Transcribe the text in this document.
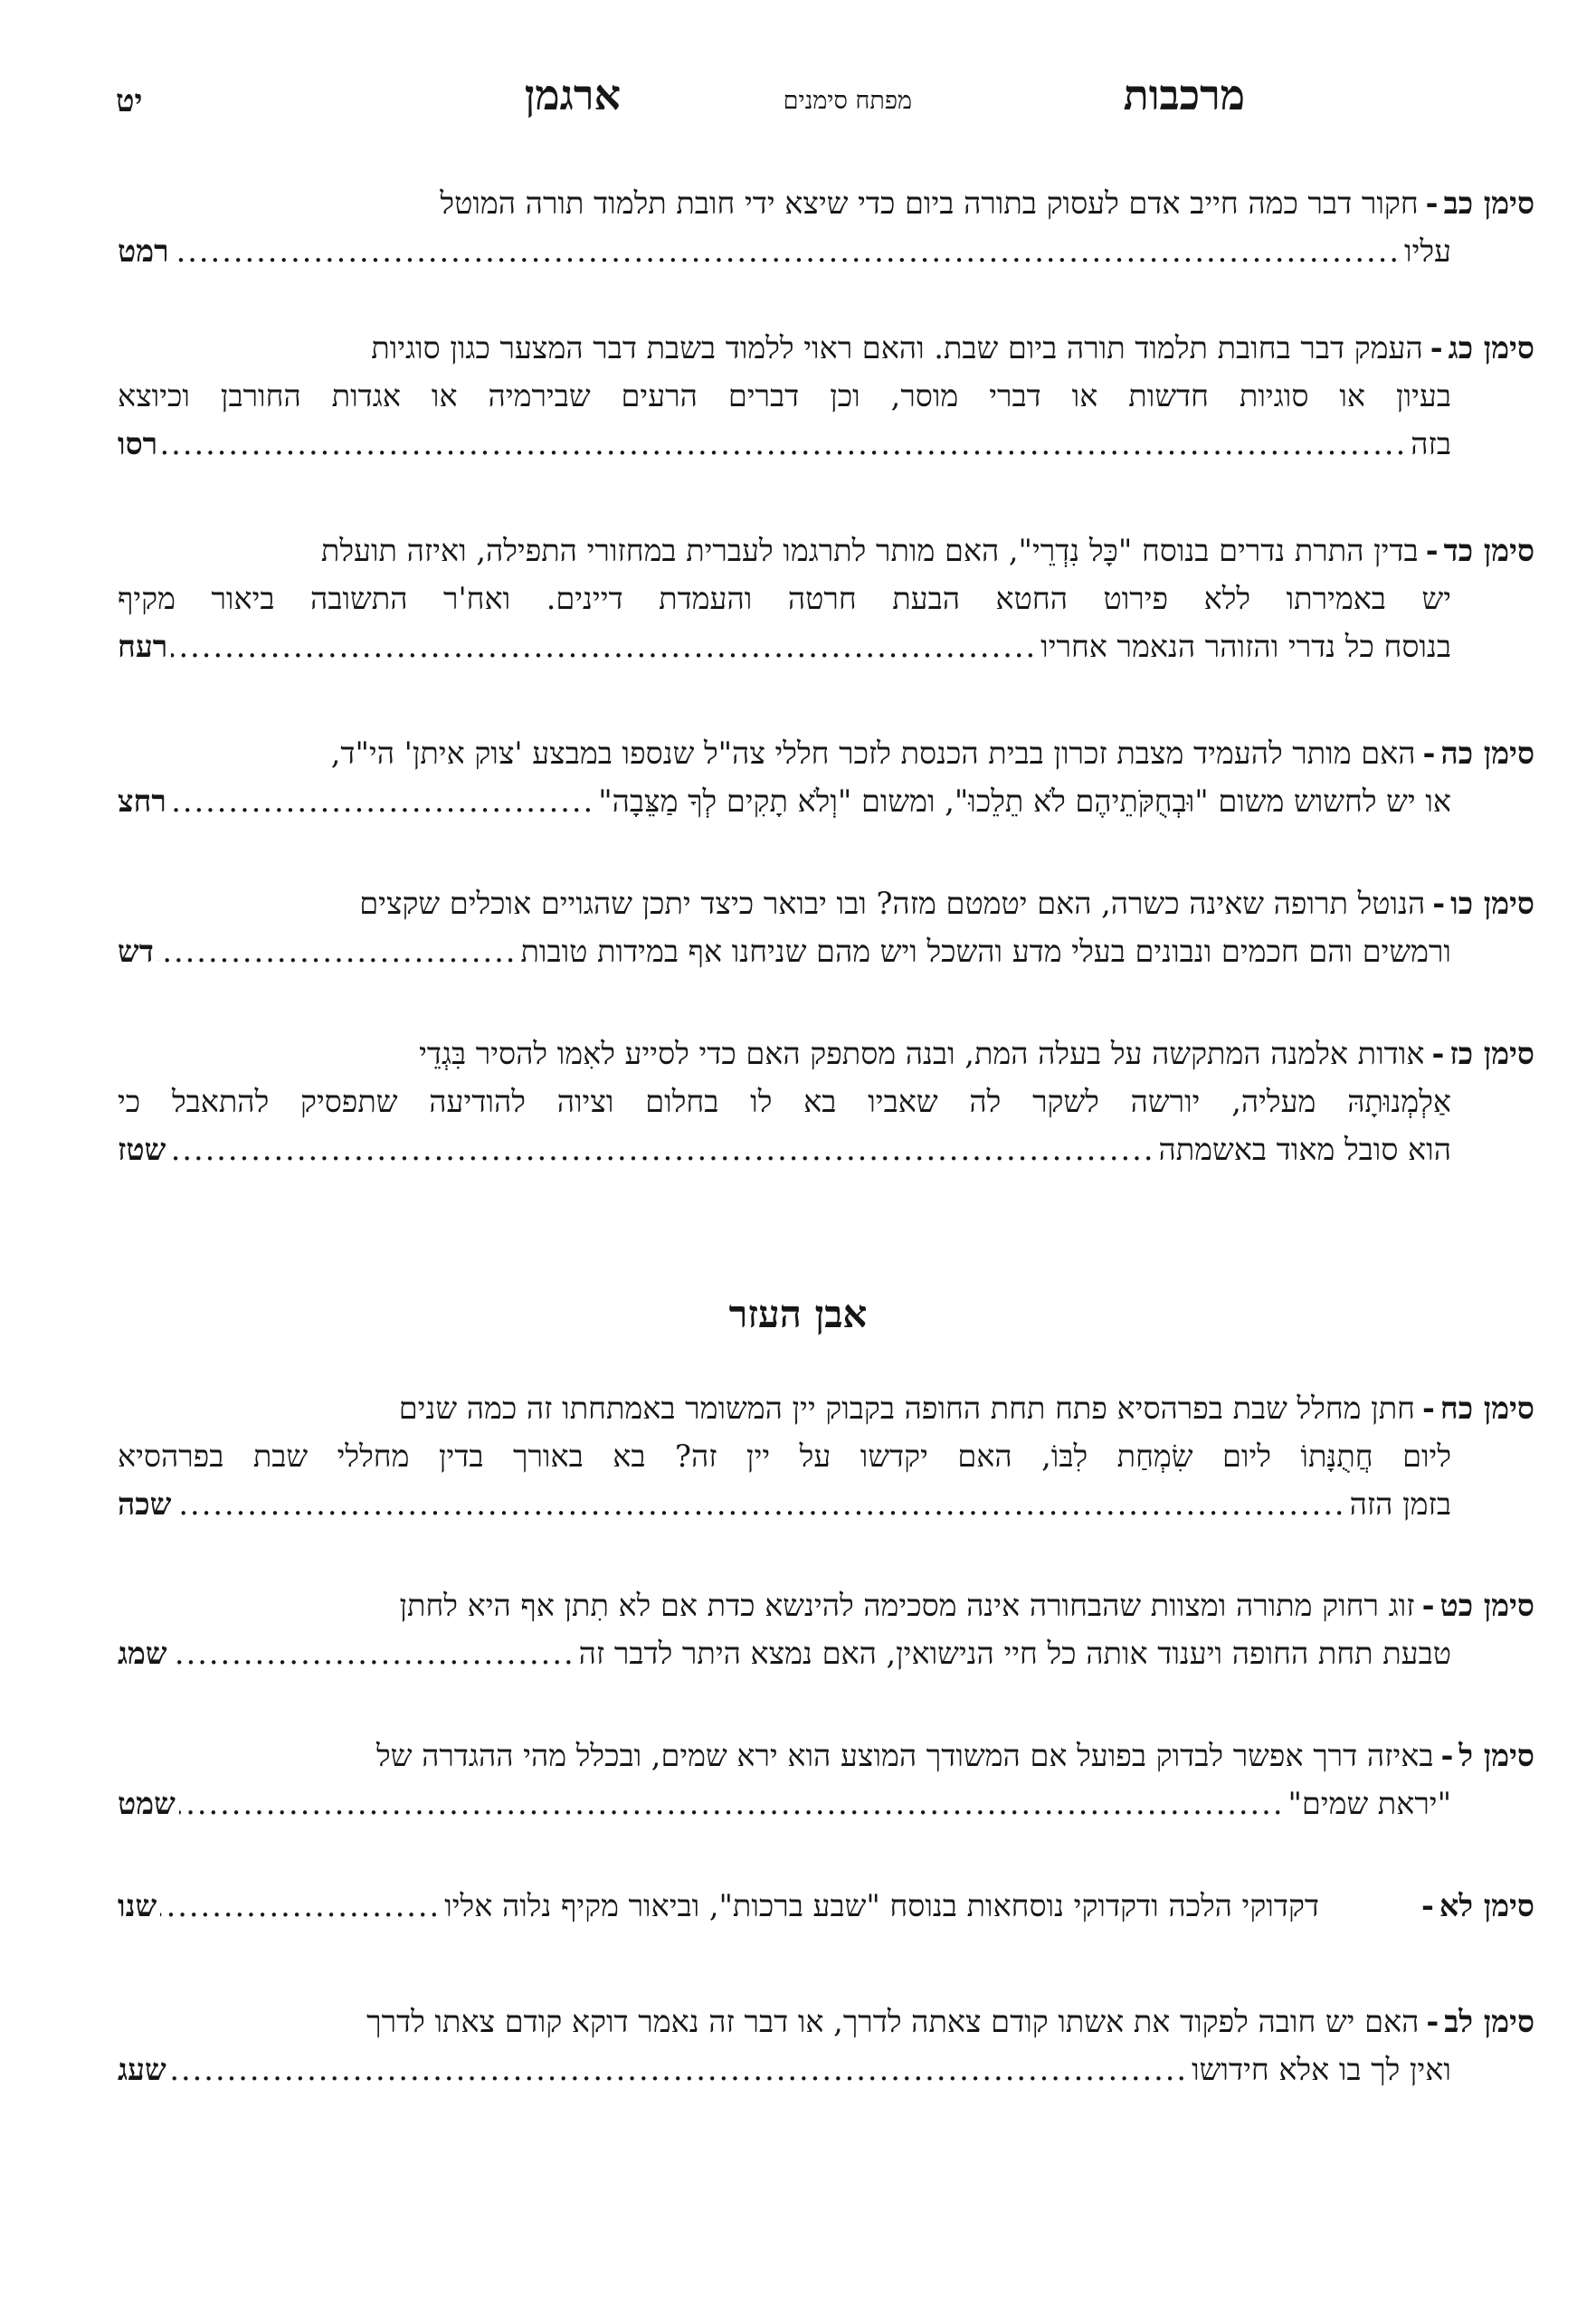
מרכבות
מפתח סימנים
ארגמן
יט
סימן כב-חקור דבר כמה חייב אדם לעסוק בתורה ביום כדי שיצא ידי חובת תלמוד תורה המוטל
עליו
.....
רמט
סימן כג-העמק דבר בחובת תלמוד תורה ביום שבת. והאם ראוי ללמוד בשבת דבר המצער כגון סוגיות
בעיון או סוגיות חדשות או דברי מוסר, וכן דברים הרעים שבירמיה או אגדות החורבן וכיוצא
בזה
.....
רסו
סימן כד-בדין התרת נדרים בנוסח "כָּל נִדְרֵי", האם מותר לתרגמו לעברית במחזורי התפילה, ואיזה תועלת
יש באמירתו ללא פירוט החטא הבעת חרטה והעמדת דיינים. ואח'ר התשובה ביאור מקיף
בנוסח כל נדרי והזוהר הנאמר אחריו
.....
רעח
סימן כה-האם מותר להעמיד מצבת זכרון בבית הכנסת לזכר חללי צה"ל שנספו במבצע 'צוק איתן' הי"ד,
או יש לחשוש משום "וּבְחֻקֹּתֵיהֶם לֹא תֵלֵכוּ", ומשום "וְלֹא תָקִים לְךָ מַצֵּבָה"
.....
רחצ
סימן כו-הנוטל תרופה שאינה כשרה, האם יטמטם מזה? ובו יבואר כיצד יתכן שהגויים אוכלים שקצים
ורמשים והם חכמים ונבונים בעלי מדע והשכל ויש מהם שניחנו אף במידות טובות
.....
דש
סימן כז-אודות אלמנה המתקשה על בעלה המת, ובנה מסתפק האם כדי לסייע לאִמו להסיר בִּגְדֵי
אַלְמְנוּתָהּ מעליה, יורשה לשקר לה שאביו בא לו בחלום וציוה להודיעה שתפסיק להתאבל כי
הוא סובל מאוד באשמתה
.....
שטז
סימן כח-חתן מחלל שבת בפרהסיא פתח תחת החופה בקבוק יין המשומר באמתחתו זה כמה שנים
ליום חֲתֻנָּתוֹ ליום שִׂמְחַת לִבּוֹ, האם יקדשו על יין זה? בא באורך בדין מחללי שבת בפרהסיא
בזמן הזה
.....
שכה
סימן כט-זוג רחוק מתורה ומצוות שהבחורה אינה מסכימה להינשא כדת אם לא תִתן אף היא לחתן
טבעת תחת החופה ויענוד אותה כל חיי הנישואין, האם נמצא היתר לדבר זה
.....
שמג
סימן ל-באיזה דרך אפשר לבדוק בפועל אם המשודך המוצע הוא ירא שמים, ובכלל מהי ההגדרה של
"יראת שמים"
.....
שמט
סימן לא-
דקדוקי הלכה ודקדוקי נוסחאות בנוסח "שבע ברכות", וביאור מקיף נלוה אליו
.....
שנו
סימן לב-האם יש חובה לפקוד את אשתו קודם צאתה לדרך, או דבר זה נאמר דוקא קודם צאתו לדרך
ואין לך בו אלא חידושו
.....
שעג
אבן העזר
